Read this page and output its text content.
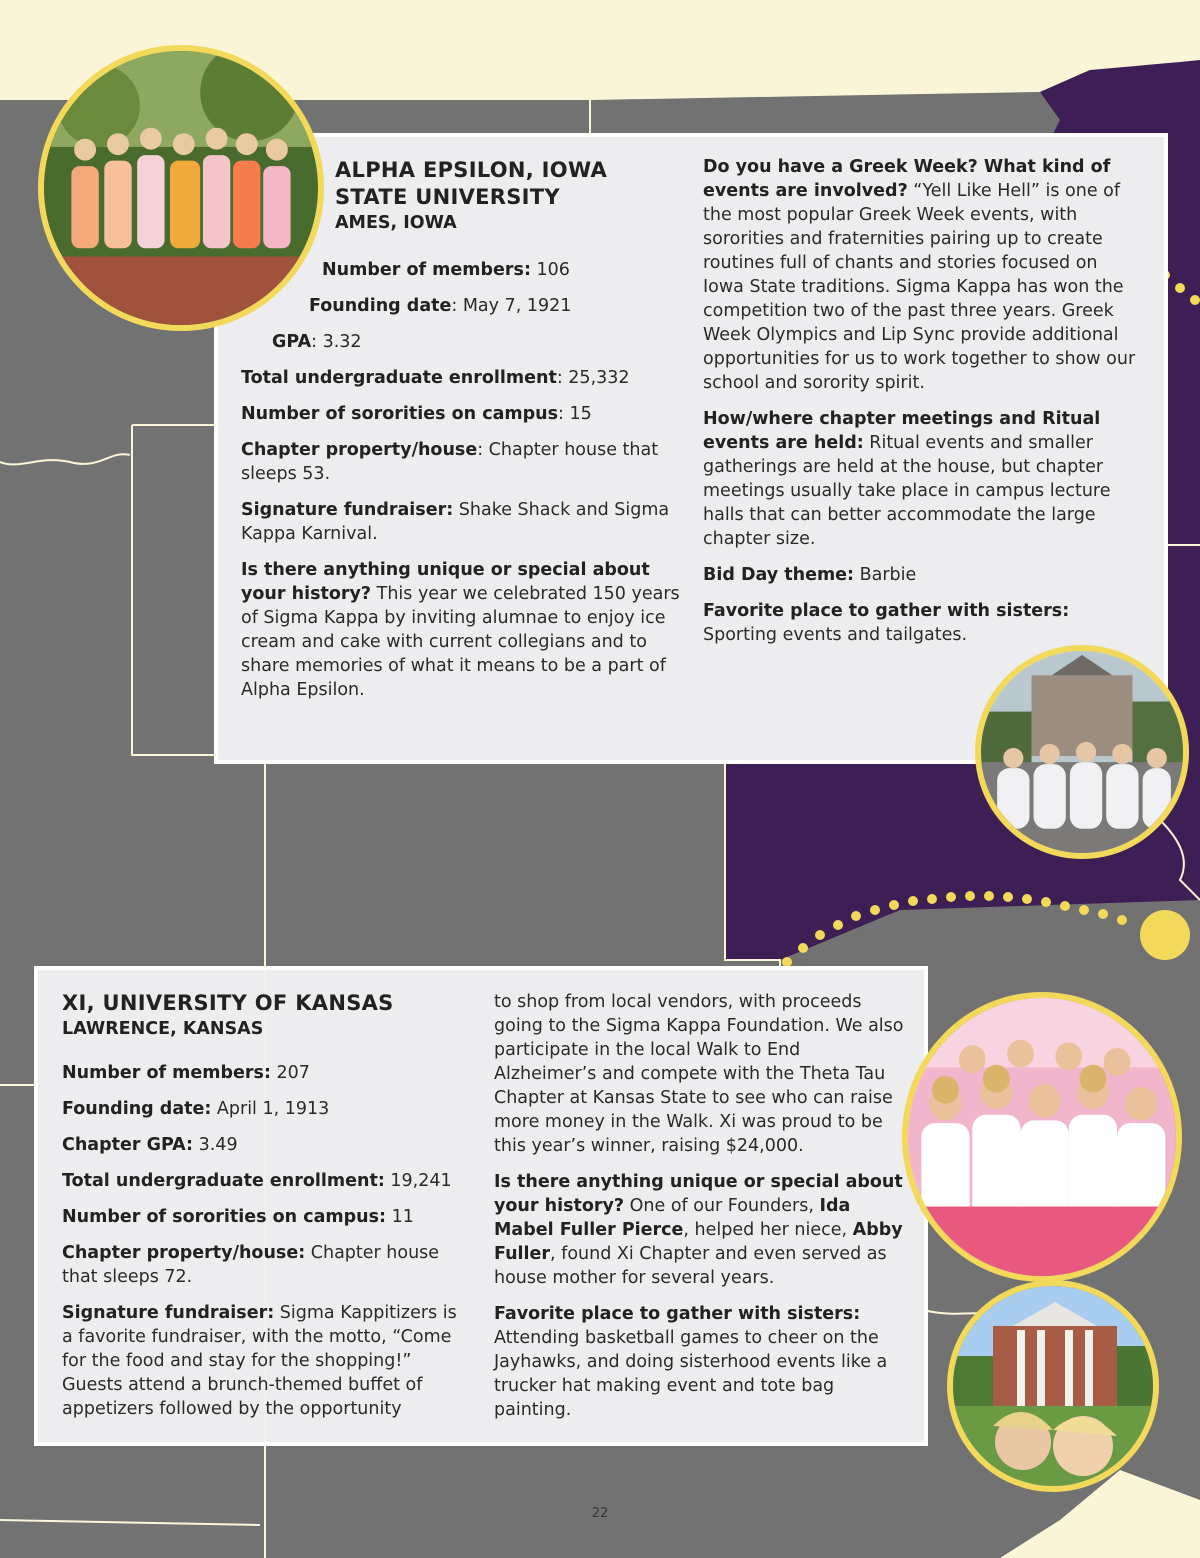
ALPHA EPSILON, IOWA STATE UNIVERSITY
AMES, IOWA
Number of members: 106
Founding date: May 7, 1921
GPA: 3.32

Total undergraduate enrollment: 25,332

Number of sororities on campus: 15

Chapter property/house: Chapter house that sleeps 53.

Signature fundraiser: Shake Shack and Sigma Kappa Karnival.

Is there anything unique or special about your history? This year we celebrated 150 years of Sigma Kappa by inviting alumnae to enjoy ice cream and cake with current collegians and to share memories of what it means to be a part of Alpha Epsilon.

Do you have a Greek Week? What kind of events are involved? “Yell Like Hell” is one of the most popular Greek Week events, with sororities and fraternities pairing up to create routines full of chants and stories focused on Iowa State traditions. Sigma Kappa has won the competition two of the past three years. Greek Week Olympics and Lip Sync provide additional opportunities for us to work together to show our school and sorority spirit.

How/where chapter meetings and Ritual events are held: Ritual events and smaller gatherings are held at the house, but chapter meetings usually take place in campus lecture halls that can better accommodate the large chapter size.

Bid Day theme: Barbie

Favorite place to gather with sisters: Sporting events and tailgates.

XI, UNIVERSITY OF KANSAS
LAWRENCE, KANSAS

Number of members: 207

Founding date: April 1, 1913

Chapter GPA: 3.49

Total undergraduate enrollment: 19,241

Number of sororities on campus: 11

Chapter property/house: Chapter house that sleeps 72.

Signature fundraiser: Sigma Kappitizers is a favorite fundraiser, with the motto, “Come for the food and stay for the shopping!” Guests attend a brunch-themed buffet of appetizers followed by the opportunity

to shop from local vendors, with proceeds going to the Sigma Kappa Foundation. We also participate in the local Walk to End Alzheimer’s and compete with the Theta Tau Chapter at Kansas State to see who can raise more money in the Walk. Xi was proud to be this year’s winner, raising $24,000.

Is there anything unique or special about your history? One of our Founders, Ida Mabel Fuller Pierce, helped her niece, Abby Fuller, found Xi Chapter and even served as house mother for several years.

Favorite place to gather with sisters:
Attending basketball games to cheer on the Jayhawks, and doing sisterhood events like a trucker hat making event and tote bag painting.

22
